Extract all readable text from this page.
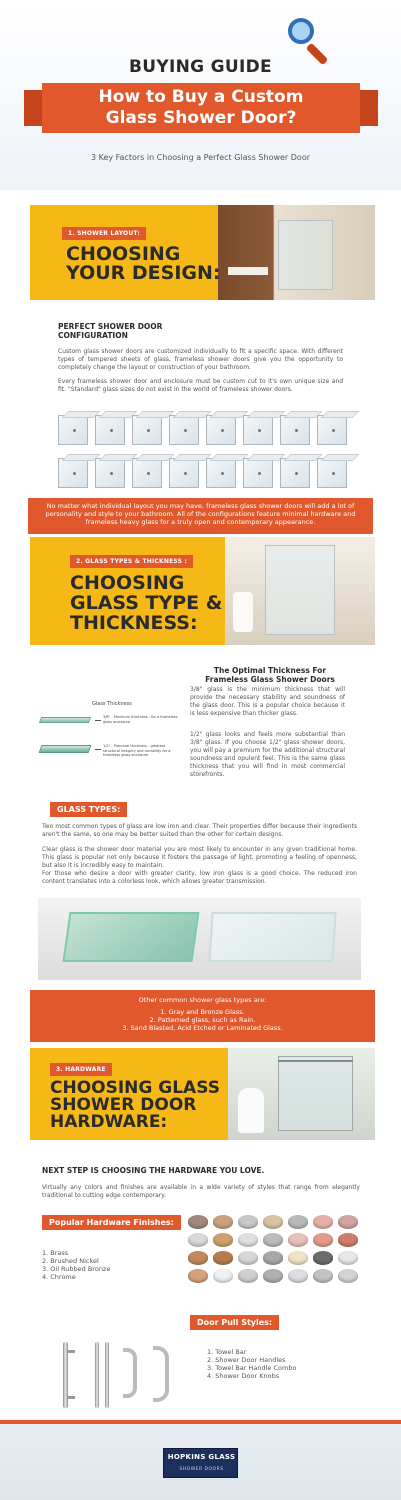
BUYING GUIDE
How to Buy a Custom
Glass Shower Door?
3 Key Factors in Choosing a Perfect Glass Shower Door
1. SHOWER LAYOUT:
CHOOSING
YOUR DESIGN:
PERFECT SHOWER DOOR
CONFIGURATION
Custom glass shower doors are customized individually to fit a specific space. With different types of tempered sheets of glass, frameless shower doors give you the opportunity to completely change the layout or construction of your bathroom.
Every frameless shower door and enclosure must be custom cut to it's own unique size and fit. "Standard" glass sizes do not exist in the world of frameless shower doors.
No matter what individual layout you may have, frameless glass shower doors will add a lot of personality and style to your bathroom. All of the configurations feature minimal hardware and frameless heavy glass for a truly open and contemporary appearance.
2. GLASS TYPES & THICKNESS :
CHOOSING
GLASS TYPE &
THICKNESS:
Glass Thickness
3/8" - Minimum thickness - for a frameless glass enclosure
1/2" - Premium thickness - greatest structural integrity and durability for a frameless glass enclosure
The Optimal Thickness For
Frameless Glass Shower Doors
3/8" glass is the minimum thickness that will provide the necessary stability and soundness of the glass door. This is a popular choice because it is less expensive than thicker glass.
1/2" glass looks and feels more substantial than 3/8" glass. If you choose 1/2" glass shower doors, you will pay a premium for the additional structural soundness and opulent feel. This is the same glass thickness that you will find in most commercial storefronts.
GLASS TYPES:
Two most common types of glass are low iron and clear. Their properties differ because their ingredients aren't the same, so one may be better suited than the other for certain designs.
Clear glass is the shower door material you are most likely to encounter in any given traditional home. This glass is popular not only because it fosters the passage of light, promoting a feeling of openness, but also it is incredibly easy to maintain.
For those who desire a door with greater clarity, low iron glass is a good choice. The reduced iron content translates into a colorless look, which allows greater transmission.
Other common shower glass types are:
1. Gray and Bronze Glass.
2. Patterned glass, such as Rain.
3. Sand Blasted, Acid Etched or Laminated Glass.
3. HARDWARE
CHOOSING GLASS
SHOWER DOOR
HARDWARE:
NEXT STEP IS CHOOSING THE HARDWARE YOU LOVE.
Virtually any colors and finishes are available in a wide variety of styles that range from elegantly traditional to cutting edge contemporary.
Popular Hardware Finishes:
1. Brass
2. Brushed Nickel
3. Oil Rubbed Bronze
4. Chrome
Door Pull Styles:
1. Towel Bar
2. Shower Door Handles
3. Towel Bar Handle Combo
4. Shower Door Knobs
HOPKINS GLASS
SHOWER DOORS
